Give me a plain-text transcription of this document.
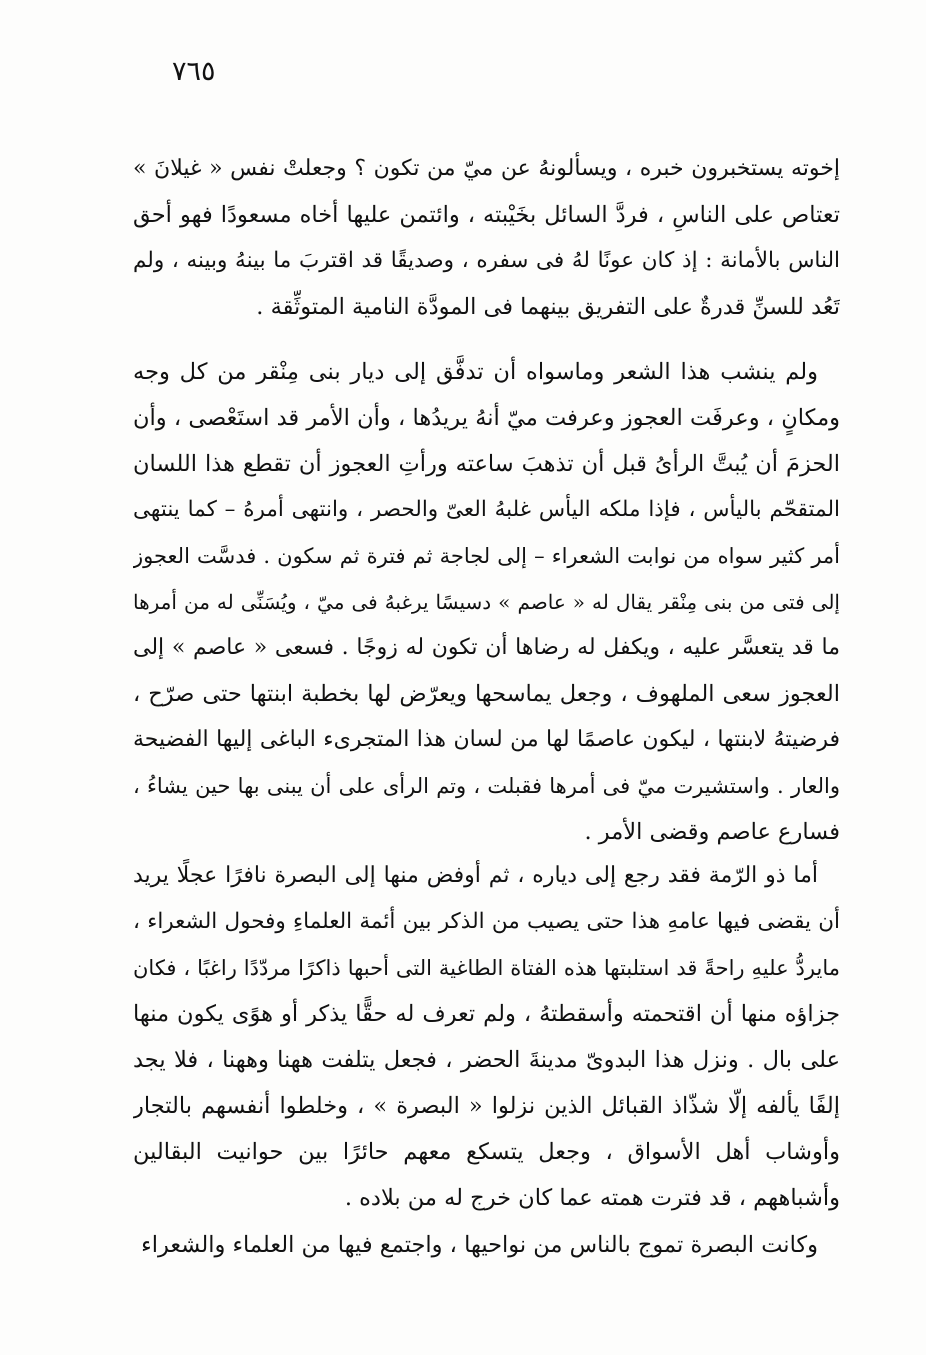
٧٦٥
إخوته يستخبرون خبره ، ويسألونهُ عن ميّ من تكون ؟ وجعلتْ نفس « غيلانَ »
تعتاص على الناسِ ، فردَّ السائل بخَيْبته ، وائتمن عليها أخاه مسعودًا فهو أحق
الناس بالأمانة : إذ كان عونًا لهُ فى سفره ، وصديقًا قد اقتربَ ما بينهُ وبينه ، ولم
تَعُد للسنِّ قدرةٌ على التفريق بينهما فى المودَّة النامية المتوثِّقة .
ولم ينشب هذا الشعر وماسواه أن تدفَّق إلى ديار بنى مِنْقر من كل وجه
ومكانٍ ، وعرفَت العجوز وعرفت ميّ أنهُ يريدُها ، وأن الأمر قد استَعْصى ، وأن
الحزمَ أن يُبتَّ الرأىُ قبل أن تذهبَ ساعته ورأتِ العجوز أن تقطع هذا اللسان
المتقحّم باليأس ، فإذا ملكه اليأس غلبهُ العىّ والحصر ، وانتهى أمرهُ – كما ينتهى
أمر كثير سواه من نوابت الشعراء – إلى لجاجة ثم فترة ثم سكون . فدسَّت العجوز
إلى فتى من بنى مِنْقر يقال له « عاصم » دسيسًا يرغبهُ فى ميّ ، ويُسَنِّى له من أمرها
ما قد يتعسَّر عليه ، ويكفل له رضاها أن تكون له زوجًا . فسعى « عاصم » إلى
العجوز سعى الملهوف ، وجعل يماسحها ويعرّض لها بخطبة ابنتها حتى صرّح ،
فرضيتهُ لابنتها ، ليكون عاصمًا لها من لسان هذا المتجرىء الباغى إليها الفضيحة
والعار . واستشيرت ميّ فى أمرها فقبلت ، وتم الرأى على أن يبنى بها حين يشاءُ ،
فسارع عاصم وقضى الأمر .
أما ذو الرّمة فقد رجع إلى دياره ، ثم أوفض منها إلى البصرة نافرًا عجلًا يريد
أن يقضى فيها عامهِ هذا حتى يصيب من الذكر بين أئمة العلماءِ وفحول الشعراء ،
مايردُّ عليهِ راحةً قد استلبتها هذه الفتاة الطاغية التى أحبها ذاكرًا مردّدًا راغبًا ، فكان
جزاؤه منها أن اقتحمته وأسقطتهُ ، ولم تعرف له حقًّا يذكر أو هوًى يكون منها
على بال . ونزل هذا البدوىّ مدينةَ الحضر ، فجعل يتلفت ههنا وههنا ، فلا يجد
إلفًا يألفه إلّا شذّاذ القبائل الذين نزلوا « البصرة » ، وخلطوا أنفسهم بالتجار
وأوشاب أهل الأسواق ، وجعل يتسكع معهم حائرًا بين حوانيت البقالين
وأشباههم ، قد فترت همته عما كان خرج له من بلاده .
وكانت البصرة تموج بالناس من نواحيها ، واجتمع فيها من العلماء والشعراء
